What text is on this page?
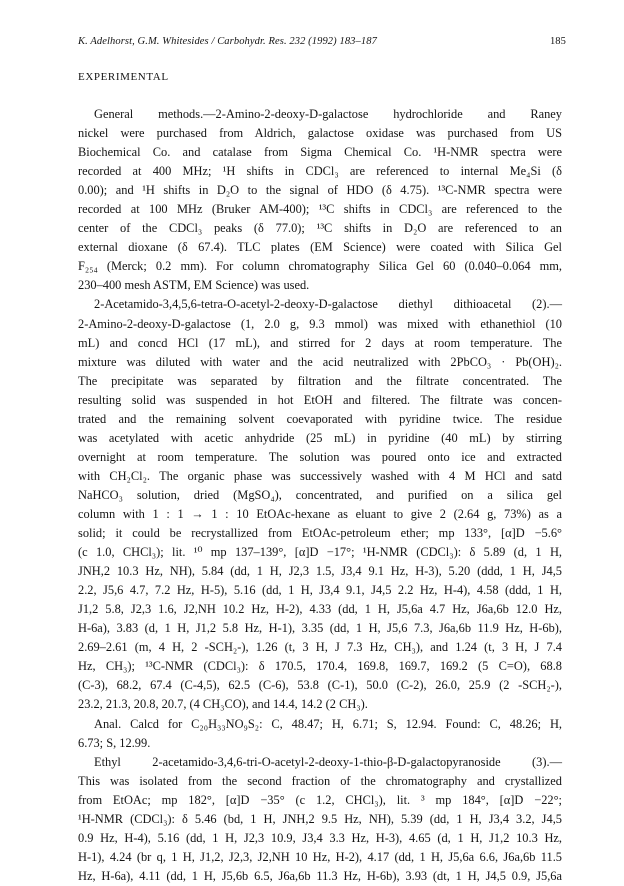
K. Adelhorst, G.M. Whitesides / Carbohydr. Res. 232 (1992) 183–187	185
EXPERIMENTAL
General methods.—2-Amino-2-deoxy-D-galactose hydrochloride and Raney
nickel were purchased from Aldrich, galactose oxidase was purchased from US
Biochemical Co. and catalase from Sigma Chemical Co. ¹H-NMR spectra were
recorded at 400 MHz; ¹H shifts in CDCl₃ are referenced to internal Me₄Si (δ
0.00); and ¹H shifts in D₂O to the signal of HDO (δ 4.75). ¹³C-NMR spectra were
recorded at 100 MHz (Bruker AM-400); ¹³C shifts in CDCl₃ are referenced to the
center of the CDCl₃ peaks (δ 77.0); ¹³C shifts in D₂O are referenced to an
external dioxane (δ 67.4). TLC plates (EM Science) were coated with Silica Gel
F₂₅₄ (Merck; 0.2 mm). For column chromatography Silica Gel 60 (0.040–0.064 mm,
230–400 mesh ASTM, EM Science) was used.
2-Acetamido-3,4,5,6-tetra-O-acetyl-2-deoxy-D-galactose diethyl dithioacetal (2).—
2-Amino-2-deoxy-D-galactose (1, 2.0 g, 9.3 mmol) was mixed with ethanethiol (10
mL) and concd HCl (17 mL), and stirred for 2 days at room temperature. The
mixture was diluted with water and the acid neutralized with 2PbCO₃ · Pb(OH)₂.
The precipitate was separated by filtration and the filtrate concentrated. The
resulting solid was suspended in hot EtOH and filtered. The filtrate was concen-
trated and the remaining solvent coevaporated with pyridine twice. The residue
was acetylated with acetic anhydride (25 mL) in pyridine (40 mL) by stirring
overnight at room temperature. The solution was poured onto ice and extracted
with CH₂Cl₂. The organic phase was successively washed with 4 M HCl and satd
NaHCO₃ solution, dried (MgSO₄), concentrated, and purified on a silica gel
column with 1 : 1 → 1 : 10 EtOAc-hexane as eluant to give 2 (2.64 g, 73%) as a
solid; it could be recrystallized from EtOAc-petroleum ether; mp 133°, [α]D −5.6°
(c 1.0, CHCl₃); lit. ¹⁰ mp 137–139°, [α]D −17°; ¹H-NMR (CDCl₃): δ 5.89 (d, 1 H,
JNH,2 10.3 Hz, NH), 5.84 (dd, 1 H, J2,3 1.5, J3,4 9.1 Hz, H-3), 5.20 (ddd, 1 H, J4,5
2.2, J5,6 4.7, 7.2 Hz, H-5), 5.16 (dd, 1 H, J3,4 9.1, J4,5 2.2 Hz, H-4), 4.58 (ddd, 1 H,
J1,2 5.8, J2,3 1.6, J2,NH 10.2 Hz, H-2), 4.33 (dd, 1 H, J5,6a 4.7 Hz, J6a,6b 12.0 Hz,
H-6a), 3.83 (d, 1 H, J1,2 5.8 Hz, H-1), 3.35 (dd, 1 H, J5,6 7.3, J6a,6b 11.9 Hz, H-6b),
2.69–2.61 (m, 4 H, 2 -SCH₂-), 1.26 (t, 3 H, J 7.3 Hz, CH₃), and 1.24 (t, 3 H, J 7.4
Hz, CH₃); ¹³C-NMR (CDCl₃): δ 170.5, 170.4, 169.8, 169.7, 169.2 (5 C=O), 68.8
(C-3), 68.2, 67.4 (C-4,5), 62.5 (C-6), 53.8 (C-1), 50.0 (C-2), 26.0, 25.9 (2 -SCH₂-),
23.2, 21.3, 20.8, 20.7, (4 CH₃CO), and 14.4, 14.2 (2 CH₃).
Anal. Calcd for C₂₀H₃₃NO₉S₂: C, 48.47; H, 6.71; S, 12.94. Found: C, 48.26; H,
6.73; S, 12.99.
Ethyl 2-acetamido-3,4,6-tri-O-acetyl-2-deoxy-1-thio-β-D-galactopyranoside (3).—
This was isolated from the second fraction of the chromatography and crystallized
from EtOAc; mp 182°, [α]D −35° (c 1.2, CHCl₃), lit. ³ mp 184°, [α]D −22°;
¹H-NMR (CDCl₃): δ 5.46 (bd, 1 H, JNH,2 9.5 Hz, NH), 5.39 (dd, 1 H, J3,4 3.2, J4,5
0.9 Hz, H-4), 5.16 (dd, 1 H, J2,3 10.9, J3,4 3.3 Hz, H-3), 4.65 (d, 1 H, J1,2 10.3 Hz,
H-1), 4.24 (br q, 1 H, J1,2, J2,3, J2,NH 10 Hz, H-2), 4.17 (dd, 1 H, J5,6a 6.6, J6a,6b 11.5
Hz, H-6a), 4.11 (dd, 1 H, J5,6b 6.5, J6a,6b 11.3 Hz, H-6b), 3.93 (dt, 1 H, J4,5 0.9, J5,6a
